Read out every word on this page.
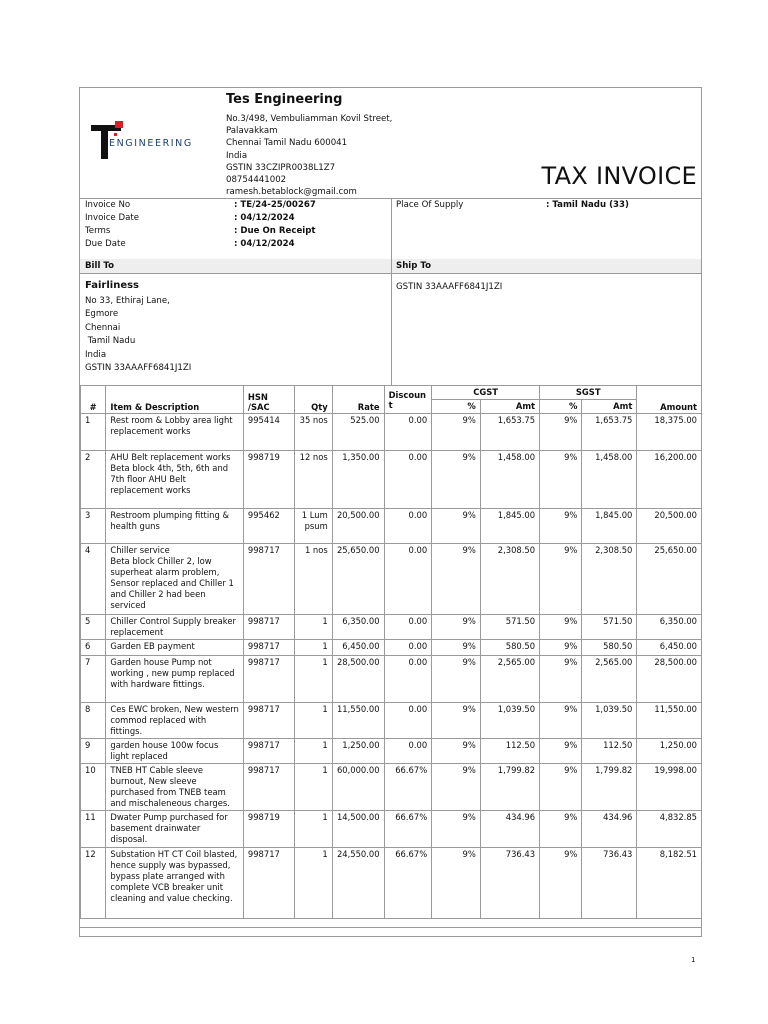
ENGINEERING
Tes Engineering
No.3/498, Vembuliamman Kovil Street,
Palavakkam
Chennai Tamil Nadu 600041
India
GSTIN 33CZIPR0038L1Z7
08754441002
ramesh.betablock@gmail.com
TAX INVOICE
Invoice No	: TE/24-25/00267
Invoice Date	: 04/12/2024
Terms	: Due On Receipt
Due Date	: 04/12/2024
Place Of Supply	: Tamil Nadu (33)
Bill To	Ship To
Fairliness
No 33, Ethiraj Lane,
Egmore
Chennai
Tamil Nadu
India
GSTIN 33AAAFF6841J1ZI
GSTIN 33AAAFF6841J1ZI
#	Item & Description	HSN /SAC	Qty	Rate	Discount	CGST		SGST		Amount
						%	Amt	%	Amt	
1	Rest room & Lobby area light replacement works	995414	35 nos	525.00	0.00	9%	1,653.75	9%	1,653.75	18,375.00
2	AHU Belt replacement works
Beta block 4th, 5th, 6th and 7th floor AHU Belt replacement works	998719	12 nos	1,350.00	0.00	9%	1,458.00	9%	1,458.00	16,200.00
3	Restroom plumping fitting & health guns	995462	1 Lumpsum	20,500.00	0.00	9%	1,845.00	9%	1,845.00	20,500.00
4	Chiller service
Beta block Chiller 2, low superheat alarm problem, Sensor replaced and Chiller 1 and Chiller 2 had been serviced	998717	1 nos	25,650.00	0.00	9%	2,308.50	9%	2,308.50	25,650.00
5	Chiller Control Supply breaker replacement	998717	1	6,350.00	0.00	9%	571.50	9%	571.50	6,350.00
6	Garden EB payment	998717	1	6,450.00	0.00	9%	580.50	9%	580.50	6,450.00
7	Garden house Pump not working , new pump replaced with hardware fittings.	998717	1	28,500.00	0.00	9%	2,565.00	9%	2,565.00	28,500.00
8	Ces EWC broken, New western commod replaced with fittings.	998717	1	11,550.00	0.00	9%	1,039.50	9%	1,039.50	11,550.00
9	garden house 100w focus light replaced	998717	1	1,250.00	0.00	9%	112.50	9%	112.50	1,250.00
10	TNEB HT Cable sleeve burnout, New sleeve purchased from TNEB team and mischaleneous charges.	998717	1	60,000.00	66.67%	9%	1,799.82	9%	1,799.82	19,998.00
11	Dwater Pump purchased for basement drainwater disposal.	998719	1	14,500.00	66.67%	9%	434.96	9%	434.96	4,832.85
12	Substation HT CT Coil blasted, hence supply was bypassed, bypass plate arranged with complete VCB breaker unit cleaning and value checking.	998717	1	24,550.00	66.67%	9%	736.43	9%	736.43	8,182.51
1
